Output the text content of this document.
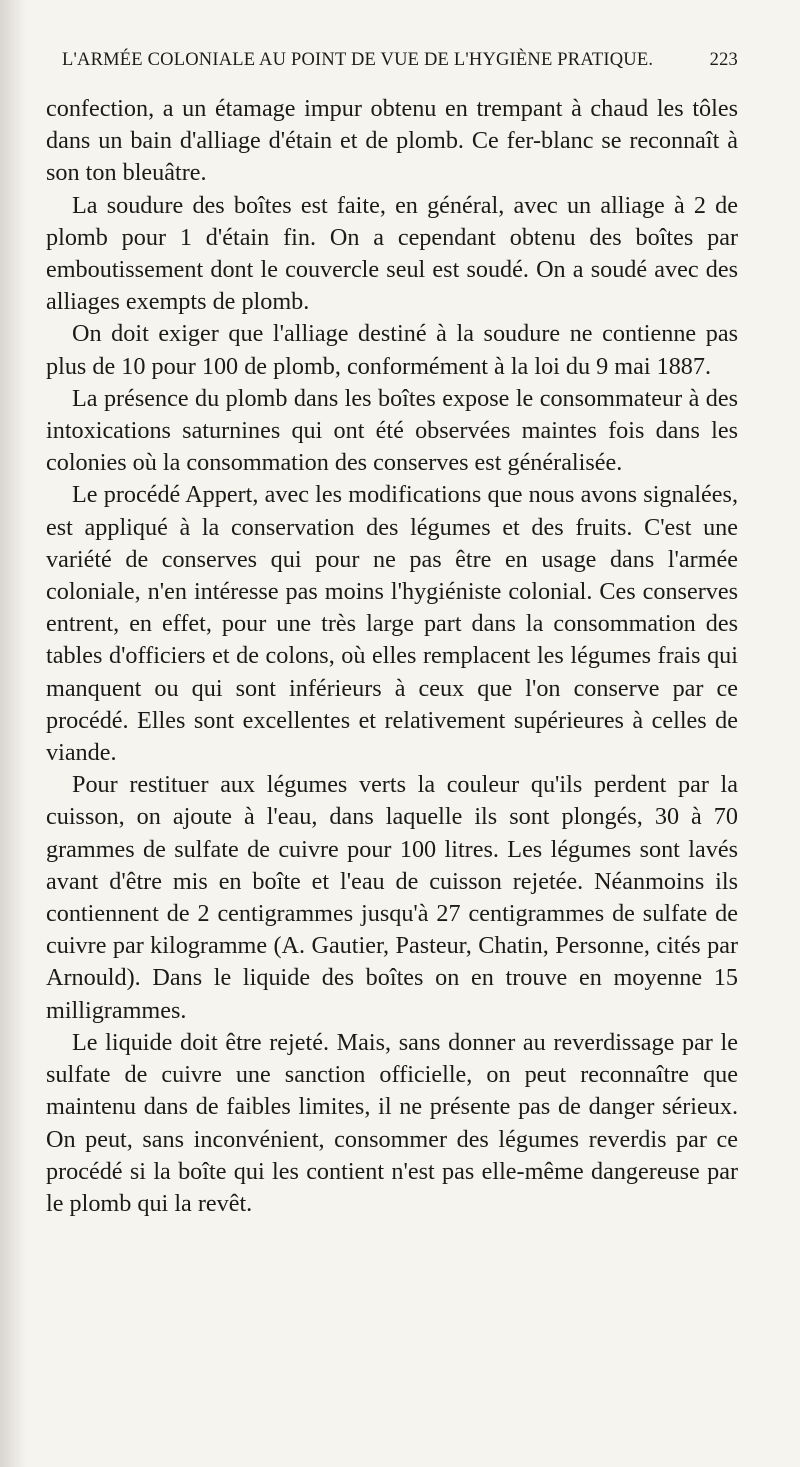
L'ARMÉE COLONIALE AU POINT DE VUE DE L'HYGIÈNE PRATIQUE.	223

confection, a un étamage impur obtenu en trempant à chaud les tôles dans un bain d'alliage d'étain et de plomb. Ce fer-blanc se reconnaît à son ton bleuâtre.

La soudure des boîtes est faite, en général, avec un alliage à 2 de plomb pour 1 d'étain fin. On a cependant obtenu des boîtes par emboutissement dont le couvercle seul est soudé. On a soudé avec des alliages exempts de plomb.

On doit exiger que l'alliage destiné à la soudure ne contienne pas plus de 10 pour 100 de plomb, conformément à la loi du 9 mai 1887.

La présence du plomb dans les boîtes expose le consommateur à des intoxications saturnines qui ont été observées maintes fois dans les colonies où la consommation des conserves est généralisée.

Le procédé Appert, avec les modifications que nous avons signalées, est appliqué à la conservation des légumes et des fruits. C'est une variété de conserves qui pour ne pas être en usage dans l'armée coloniale, n'en intéresse pas moins l'hygiéniste colonial. Ces conserves entrent, en effet, pour une très large part dans la consommation des tables d'officiers et de colons, où elles remplacent les légumes frais qui manquent ou qui sont inférieurs à ceux que l'on conserve par ce procédé. Elles sont excellentes et relativement supérieures à celles de viande.

Pour restituer aux légumes verts la couleur qu'ils perdent par la cuisson, on ajoute à l'eau, dans laquelle ils sont plongés, 30 à 70 grammes de sulfate de cuivre pour 100 litres. Les légumes sont lavés avant d'être mis en boîte et l'eau de cuisson rejetée. Néanmoins ils contiennent de 2 centigrammes jusqu'à 27 centigrammes de sulfate de cuivre par kilogramme (A. Gautier, Pasteur, Chatin, Personne, cités par Arnould). Dans le liquide des boîtes on en trouve en moyenne 15 milligrammes.

Le liquide doit être rejeté. Mais, sans donner au reverdissage par le sulfate de cuivre une sanction officielle, on peut reconnaître que maintenu dans de faibles limites, il ne présente pas de danger sérieux. On peut, sans inconvénient, consommer des légumes reverdis par ce procédé si la boîte qui les contient n'est pas elle-même dangereuse par le plomb qui la revêt.
